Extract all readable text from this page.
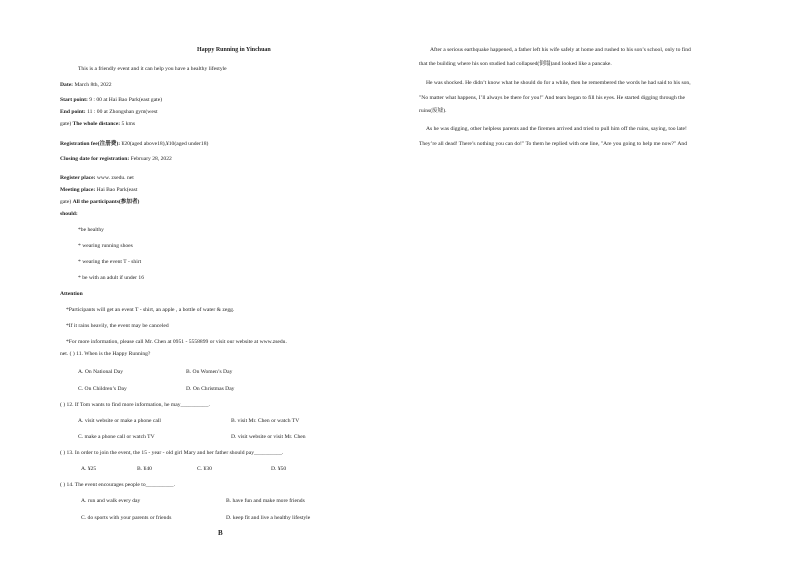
Happy Running in Yinchuan
This is a friendly event and it can help you have a healthy lifestyle
Date: March 8th, 2022
Start point: 9 : 00 at Hai Bao Park(east gate)
End point: 11 : 00 at Zhongshan gym(west
gate) The whole distance: 5 kms
Registration fee(注册费): ¥20(aged above18),¥10(aged under18)
Closing date for registration: February 28, 2022
Register place: www. zsedu. net
Meeting place: Hai Bao Park(east
gate) All the participants(参加者)
should:
*be healthy
* wearing running shoes
* wearing the event T - shirt
* be with an adult if under 16
Attention
*Participants will get an event T - shirt, an apple , a bottle of water & zegg.
*If it rains heavily, the event may be canceled
*For more information, please call Mr. Chen at 0951 - 5558899 or visit our website at www.zsedu.
net. ( ) 11. When is the Happy Running?
A. On National Day	B. On Women’s Day
C. On Children’s Day	D. On Christmas Day
( ) 12. If Tom wants to find more information, he may__________.
A. visit website or make a phone call	B. visit Mr. Chen or watch TV
C. make a phone call or watch TV	D. visit website or visit Mr. Chen
( ) 13. In order to join the event, the 15 - year - old girl Mary and her father should pay__________.
A. ¥25	B. ¥40	C. ¥30	D. ¥50
( ) 14. The event encourages people to__________.
A. run and walk every day	B. have fun and make more friends
C. do sports with your parents or friends	D. keep fit and live a healthy lifestyle
B
After a serious earthquake happened, a father left his wife safely at home and rushed to his son’s school, only to find
that the building where his son studied had collapsed(倒塌)and looked like a pancake.
He was shocked. He didn’t know what he should do for a while, then he remembered the words he had said to his son,
"No matter what happens, I’ll always be there for you!" And tears began to fill his eyes. He started digging through the
ruins(废墟).
As he was digging, other helpless parents and the firemen arrived and tried to pull him off the ruins, saying, too late!
They’re all dead! There’s nothing you can do!" To them he replied with one line, "Are you going to help me now?" And
